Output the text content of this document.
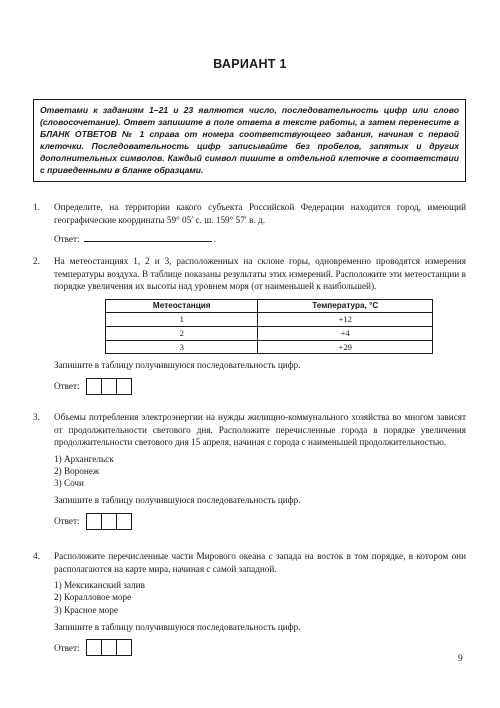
ВАРИАНТ 1
Ответами к заданиям 1–21 и 23 являются число, последовательность цифр или слово (словосочетание). Ответ запишите в поле ответа в тексте работы, а затем перенесите в БЛАНК ОТВЕТОВ № 1 справа от номера соответствующего задания, начиная с первой клеточки. Последовательность цифр записывайте без пробелов, запятых и других дополнительных символов. Каждый символ пишите в отдельной клеточке в соответствии с приведенными в бланке образцами.
1. Определите, на территории какого субъекта Российской Федерации находится город, имеющий географические координаты 59° 05′ с. ш. 159° 57′ в. д.
Ответ:	.
2. На метеостанциях 1, 2 и 3, расположенных на склоне горы, одновременно проводятся измерения температуры воздуха. В таблице показаны результаты этих измерений. Расположите эти метеостанции в порядке увеличения их высоты над уровнем моря (от наименьшей к наибольшей).
Метеостанция	Температура, °С
1	+12
2	+4
3	+29
Запишите в таблицу получившуюся последовательность цифр.
Ответ:
3. Объемы потребления электроэнергии на нужды жилищно-коммунального хозяйства во многом зависят от продолжительности светового дня. Расположите перечисленные города в порядке увеличения продолжительности светового дня 15 апреля, начиная с города с наименьшей продолжительностью.
1) Архангельск
2) Воронеж
3) Сочи
Запишите в таблицу получившуюся последовательность цифр.
Ответ:
4. Расположите перечисленные части Мирового океана с запада на восток в том порядке, в котором они располагаются на карте мира, начиная с самой западной.
1) Мексиканский залив
2) Коралловое море
3) Красное море
Запишите в таблицу получившуюся последовательность цифр.
Ответ:
9
